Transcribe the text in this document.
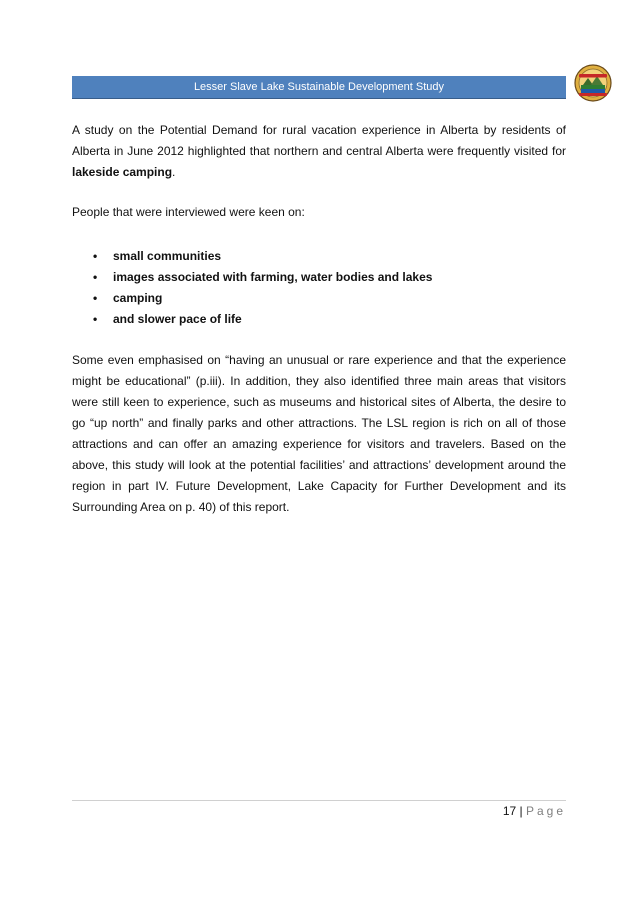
Lesser Slave Lake Sustainable Development Study

A study on the Potential Demand for rural vacation experience in Alberta by residents of Alberta in June 2012 highlighted that northern and central Alberta were frequently visited for lakeside camping.

People that were interviewed were keen on:

• small communities
• images associated with farming, water bodies and lakes
• camping
• and slower pace of life

Some even emphasised on “having an unusual or rare experience and that the experience might be educational” (p.iii). In addition, they also identified three main areas that visitors were still keen to experience, such as museums and historical sites of Alberta, the desire to go “up north” and finally parks and other attractions. The LSL region is rich on all of those attractions and can offer an amazing experience for visitors and travelers. Based on the above, this study will look at the potential facilities’ and attractions’ development around the region in part IV. Future Development, Lake Capacity for Further Development and its Surrounding Area on p. 40) of this report.

17 | Page
